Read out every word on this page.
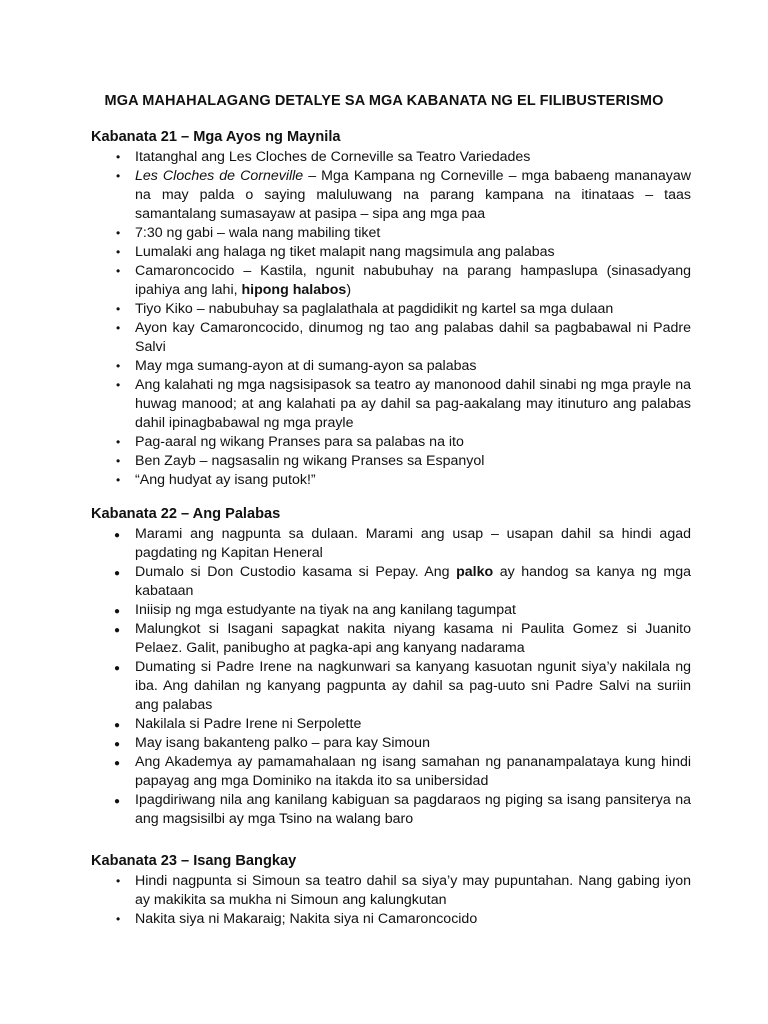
MGA MAHAHALAGANG DETALYE SA MGA KABANATA NG EL FILIBUSTERISMO
Kabanata 21 – Mga Ayos ng Maynila
• Itatanghal ang Les Cloches de Corneville sa Teatro Variedades
• Les Cloches de Corneville – Mga Kampana ng Corneville – mga babaeng mananayaw na may palda o saying maluluwang na parang kampana na itinataas – taas samantalang sumasayaw at pasipa – sipa ang mga paa
• 7:30 ng gabi – wala nang mabiling tiket
• Lumalaki ang halaga ng tiket malapit nang magsimula ang palabas
• Camaroncocido – Kastila, ngunit nabubuhay na parang hampaslupa (sinasadyang ipahiya ang lahi, hipong halabos)
• Tiyo Kiko – nabubuhay sa paglalathala at pagdidikit ng kartel sa mga dulaan
• Ayon kay Camaroncocido, dinumog ng tao ang palabas dahil sa pagbabawal ni Padre Salvi
• May mga sumang-ayon at di sumang-ayon sa palabas
• Ang kalahati ng mga nagsisipasok sa teatro ay manonood dahil sinabi ng mga prayle na huwag manood; at ang kalahati pa ay dahil sa pag-aakalang may itinuturo ang palabas dahil ipinagbabawal ng mga prayle
• Pag-aaral ng wikang Pranses para sa palabas na ito
• Ben Zayb – nagsasalin ng wikang Pranses sa Espanyol
• “Ang hudyat ay isang putok!”
Kabanata 22 – Ang Palabas
● Marami ang nagpunta sa dulaan. Marami ang usap – usapan dahil sa hindi agad pagdating ng Kapitan Heneral
● Dumalo si Don Custodio kasama si Pepay. Ang palko ay handog sa kanya ng mga kabataan
● Iniisip ng mga estudyante na tiyak na ang kanilang tagumpat
● Malungkot si Isagani sapagkat nakita niyang kasama ni Paulita Gomez si Juanito Pelaez. Galit, panibugho at pagka-api ang kanyang nadarama
● Dumating si Padre Irene na nagkunwari sa kanyang kasuotan ngunit siya’y nakilala ng iba. Ang dahilan ng kanyang pagpunta ay dahil sa pag-uuto sni Padre Salvi na suriin ang palabas
● Nakilala si Padre Irene ni Serpolette
● May isang bakanteng palko – para kay Simoun
● Ang Akademya ay pamamahalaan ng isang samahan ng pananampalataya kung hindi papayag ang mga Dominiko na itakda ito sa unibersidad
● Ipagdiriwang nila ang kanilang kabiguan sa pagdaraos ng piging sa isang pansiterya na ang magsisilbi ay mga Tsino na walang baro
Kabanata 23 – Isang Bangkay
• Hindi nagpunta si Simoun sa teatro dahil sa siya’y may pupuntahan. Nang gabing iyon ay makikita sa mukha ni Simoun ang kalungkutan
• Nakita siya ni Makaraig; Nakita siya ni Camaroncocido
